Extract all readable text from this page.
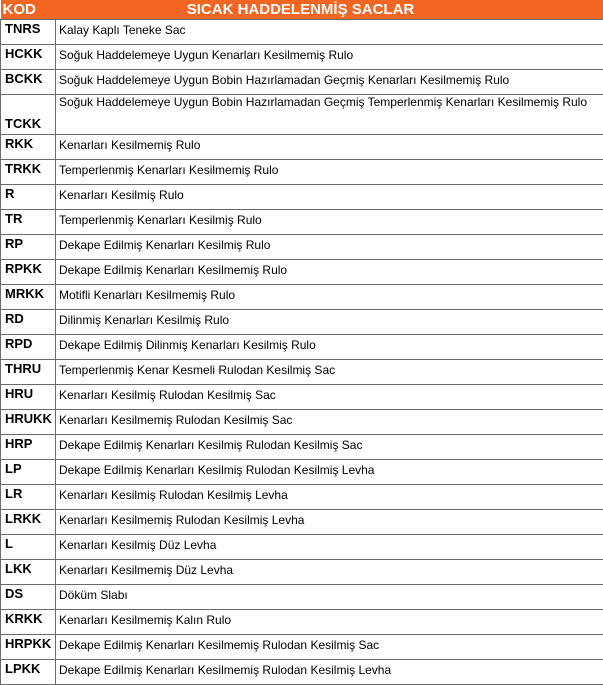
KOD	SICAK HADDELENMİŞ SACLAR
TNRS	Kalay Kaplı Teneke Sac
HCKK	Soğuk Haddelemeye Uygun Kenarları Kesilmemiş Rulo
BCKK	Soğuk Haddelemeye Uygun Bobin Hazırlamadan Geçmiş Kenarları Kesilmemiş Rulo
TCKK	Soğuk Haddelemeye Uygun Bobin Hazırlamadan Geçmiş Temperlenmiş Kenarları Kesilmemiş Rulo
RKK	Kenarları Kesilmemiş Rulo
TRKK	Temperlenmiş Kenarları Kesilmemiş Rulo
R	Kenarları Kesilmiş Rulo
TR	Temperlenmiş Kenarları Kesilmiş Rulo
RP	Dekape Edilmiş Kenarları Kesilmiş Rulo
RPKK	Dekape Edilmiş Kenarları Kesilmemiş Rulo
MRKK	Motifli Kenarları Kesilmemiş Rulo
RD	Dilinmiş Kenarları Kesilmiş Rulo
RPD	Dekape Edilmiş Dilinmiş Kenarları Kesilmiş Rulo
THRU	Temperlenmiş Kenar Kesmeli Rulodan Kesilmiş Sac
HRU	Kenarları Kesilmiş Rulodan Kesilmiş Sac
HRUKK	Kenarları Kesilmemiş Rulodan Kesilmiş Sac
HRP	Dekape Edilmiş Kenarları Kesilmiş Rulodan Kesilmiş Sac
LP	Dekape Edilmiş Kenarları Kesilmiş Rulodan Kesilmiş Levha
LR	Kenarları Kesilmiş Rulodan Kesilmiş Levha
LRKK	Kenarları Kesilmemiş Rulodan Kesilmiş Levha
L	Kenarları Kesilmiş Düz Levha
LKK	Kenarları Kesilmemiş Düz Levha
DS	Döküm Slabı
KRKK	Kenarları Kesilmemiş Kalın Rulo
HRPKK	Dekape Edilmiş Kenarları Kesilmemiş Rulodan Kesilmiş Sac
LPKK	Dekape Edilmiş Kenarları Kesilmemiş Rulodan Kesilmiş Levha
